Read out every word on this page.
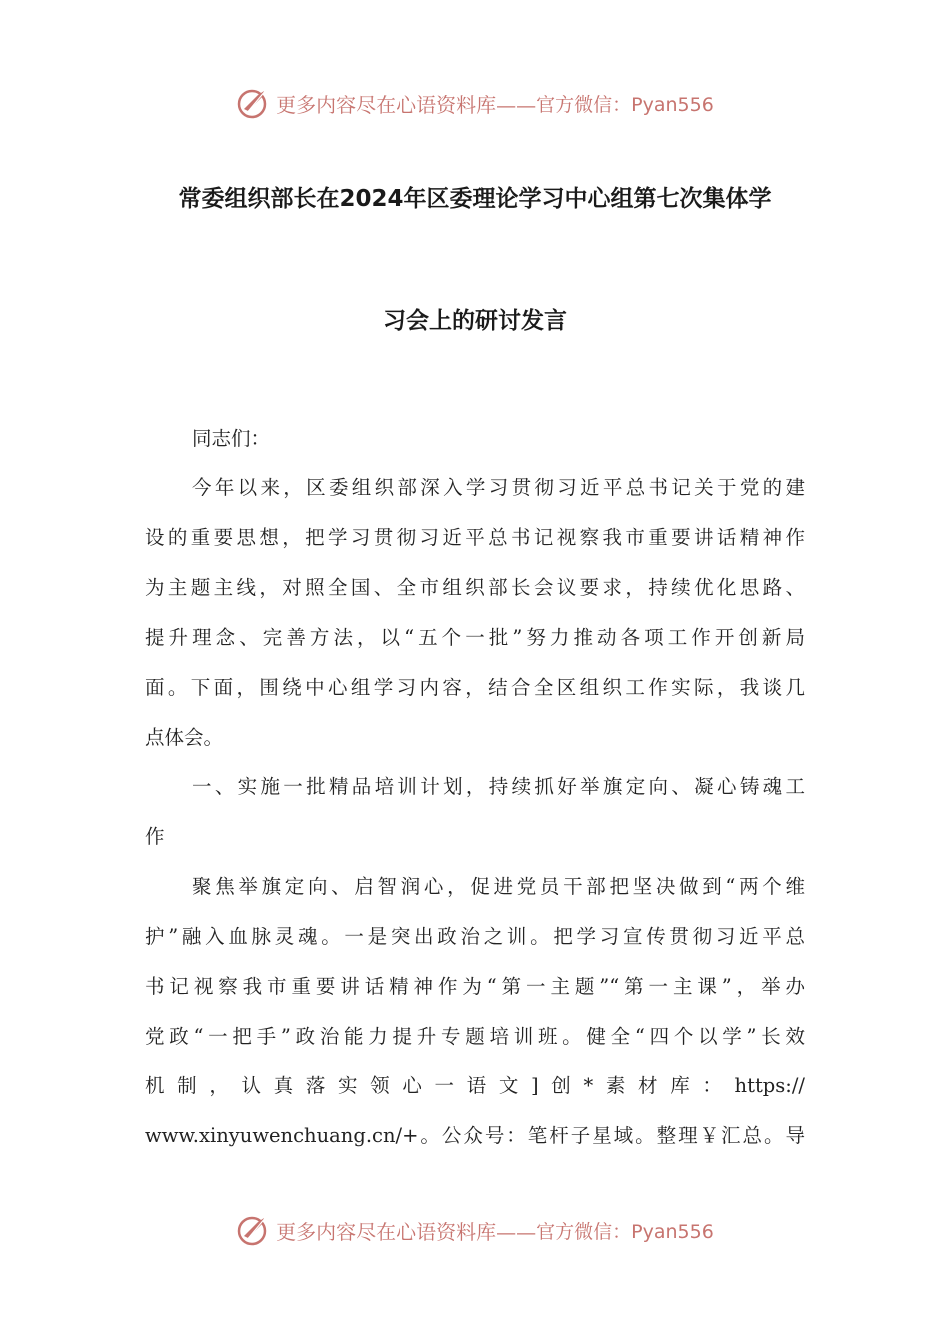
更多内容尽在心语资料库—— 官方微信：Pyan556
常委组织部长在2024年区委理论学习中心组第七次集体学
习会上的研讨发言
同志们：
今年以来，区委组织部深入学习贯彻习近平总书记关于党的建
设的重要思想，把学习贯彻习近平总书记视察我市重要讲话精神作
为主题主线，对照全国、全市组织部长会议要求，持续优化思路、
提升理念、完善方法，以“五个一批”努力推动各项工作开创新局
面。下面，围绕中心组学习内容，结合全区组织工作实际，我谈几
点体会。
一、实施一批精品培训计划，持续抓好举旗定向、凝心铸魂工
作
聚焦举旗定向、启智润心，促进党员干部把坚决做到“两个维
护”融入血脉灵魂。一是突出政治之训。把学习宣传贯彻习近平总
书记视察我市重要讲话精神作为“第一主题”“第一主课”，举办
党政“一把手”政治能力提升专题培训班。健全“四个以学”长效
机制，认真落实领心一语文]创*素材库：https://
www.xinyuwenchuang.cn/+。公众号：笔杆子星域。整理￥汇总。导
更多内容尽在心语资料库—— 官方微信：Pyan556
